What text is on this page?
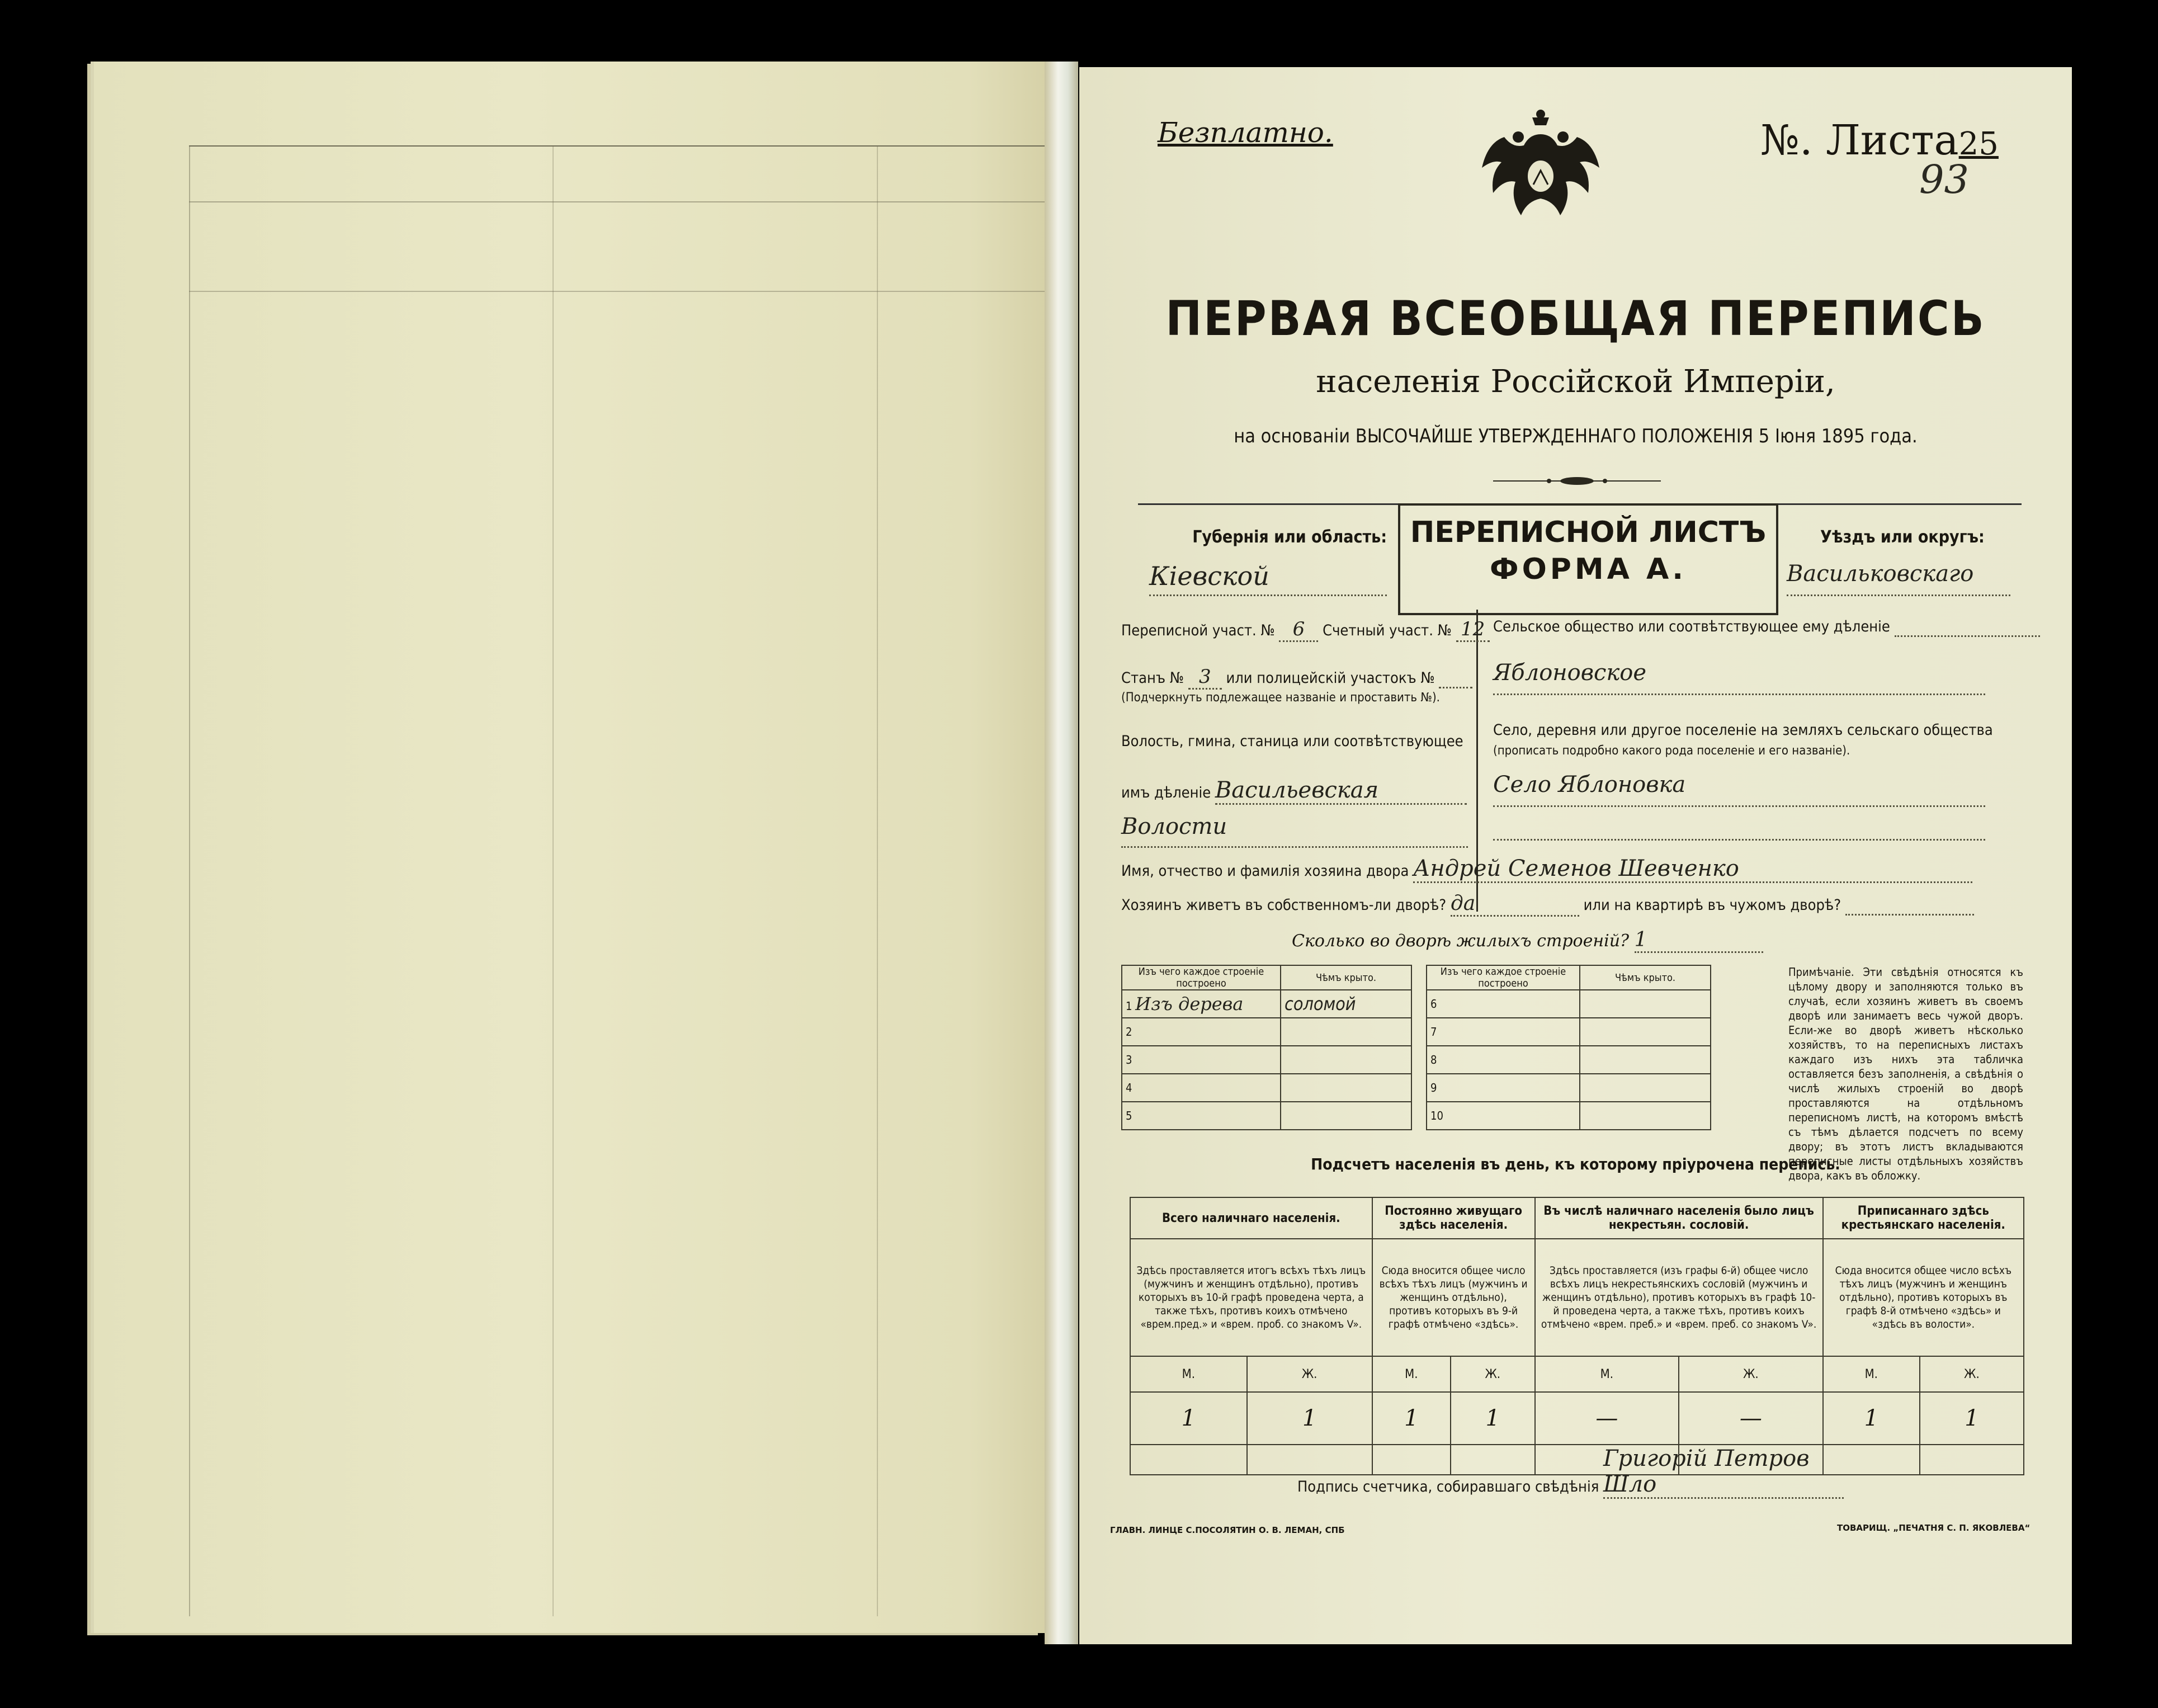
Безплатно.	№. Листа25
93
ПЕРВАЯ ВСЕОБЩАЯ ПЕРЕПИСЬ
населенія Россійской Имперіи,
на основаніи ВЫСОЧАЙШЕ УТВЕРЖДЕННАГО ПОЛОЖЕНІЯ 5 Іюня 1895 года.
Губернія или область:
Кіевской
ПЕРЕПИСНОЙ ЛИСТЪ
ФОРМА А.
Уѣздъ или округъ:
Васильковскаго
Переписной участ. № 6 Счетный участ. № 12
Станъ № 3 или полицейскій участокъ №
(Подчеркнуть подлежащее названіе и проставить №).
Волость, гмина, станица или соотвѣтствующее
имъ дѣленіе Васильевская
Волости
Сельское общество или соотвѣтствующее ему дѣленіе
Яблоновское
Село, деревня или другое поселеніе на земляхъ сельскаго общества
(прописать подробно какого рода поселеніе и его названіе).
Село Яблоновка
Имя, отчество и фамилія хозяина двора Андрей Семенов Шевченко
Хозяинъ живетъ въ собственномъ-ли дворѣ? да	или на квартирѣ въ чужомъ дворѣ?
Сколько во дворѣ жилыхъ строеній? 1
Изъ чего каждое строеніе построено	Чѣмъ крыто.
1 Изъ дерева	соломой
2	
3	
4	
5	
Изъ чего каждое строеніе построено	Чѣмъ крыто.
6	
7	
8	
9	
10	
Примѣчаніе. Эти свѣдѣнія относятся къ цѣлому двору и заполняются только въ случаѣ, если хозяинъ живетъ въ своемъ дворѣ или занимаетъ весь чужой дворъ. Если-же во дворѣ живетъ нѣсколько хозяйствъ, то на переписныхъ листахъ каждаго изъ нихъ эта табличка оставляется безъ заполненія, а свѣдѣнія о числѣ жилыхъ строеній во дворѣ проставляются на отдѣльномъ переписномъ листѣ, на которомъ вмѣстѣ съ тѣмъ дѣлается подсчетъ по всему двору; въ этотъ листъ вкладываются переписные листы отдѣльныхъ хозяйствъ двора, какъ въ обложку.
Подсчетъ населенія въ день, къ которому пріурочена перепись.
Всего наличнаго населенія.		Постоянно живущаго здѣсь населенія.		Въ числѣ наличнаго населенія было лицъ некрестьян. сословій.		Приписаннаго здѣсь крестьянскаго населенія.	
Здѣсь проставляется итогъ всѣхъ тѣхъ лицъ (мужчинъ и женщинъ отдѣльно), противъ которыхъ въ 10-й графѣ проведена черта, а также тѣхъ, противъ коихъ отмѣчено «врем.пред.» и «врем. проб. со знакомъ V».		Сюда вносится общее число всѣхъ тѣхъ лицъ (мужчинъ и женщинъ отдѣльно), противъ которыхъ въ 9-й графѣ отмѣчено «здѣсь».		Здѣсь проставляется (изъ графы 6-й) общее число всѣхъ лицъ некрестьянскихъ сословій (мужчинъ и женщинъ отдѣльно), противъ которыхъ въ графѣ 10-й проведена черта, а также тѣхъ, противъ коихъ отмѣчено «врем. преб.» и «врем. преб. со знакомъ V».		Сюда вносится общее число всѣхъ тѣхъ лицъ (мужчинъ и женщинъ отдѣльно), противъ которыхъ въ графѣ 8-й отмѣчено «здѣсь» и «здѣсь въ волости».	
М.	Ж.	М.	Ж.	М.	Ж.	М.	Ж.
1	1	1	1	—	—	1	1

Подпись счетчика, собиравшаго свѣдѣнія Григорій Петров Шло
ГЛАВН. ЛИНЦЕ С.ПОСОЛЯТИН О. В. ЛЕМАН, СПБ	ТОВАРИЩ. „ПЕЧАТНЯ С. П. ЯКОВЛЕВА“
